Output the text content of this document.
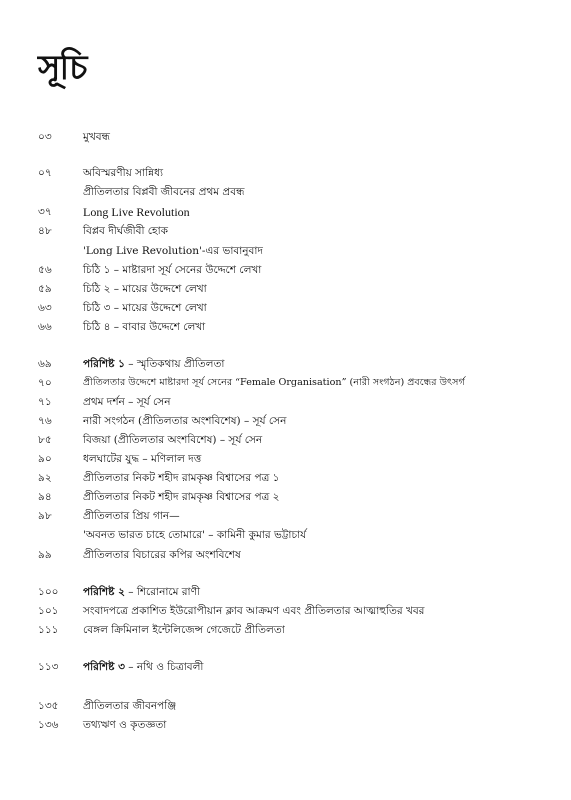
সূচি
০৩	মুখবন্ধ
০৭	অবিস্মরণীয় সান্নিধ্য
প্রীতিলতার বিপ্লবী জীবনের প্রথম প্রবন্ধ
৩৭	Long Live Revolution
৪৮	বিপ্লব দীর্ঘজীবী হোক
'Long Live Revolution'-এর ভাবানুবাদ
৫৬	চিঠি ১ – মাষ্টারদা সূর্য সেনের উদ্দেশে লেখা
৫৯	চিঠি ২ – মায়ের উদ্দেশে লেখা
৬৩	চিঠি ৩ – মায়ের উদ্দেশে লেখা
৬৬	চিঠি ৪ – বাবার উদ্দেশে লেখা
৬৯	পরিশিষ্ট ১ – স্মৃতিকথায় প্রীতিলতা
৭০	প্রীতিলতার উদ্দেশে মাষ্টারদা সূর্য সেনের “Female Organisation” (নারী সংগঠন) প্রবন্ধের উৎসর্গ
৭১	প্রথম দর্শন – সূর্য সেন
৭৬	নারী সংগঠন (প্রীতিলতার অংশবিশেষ) – সূর্য সেন
৮৫	বিজয়া (প্রীতিলতার অংশবিশেষ) – সূর্য সেন
৯০	ধলঘাটের যুদ্ধ – মণিলাল দত্ত
৯২	প্রীতিলতার নিকট শহীদ রামকৃষ্ণ বিশ্বাসের পত্র ১
৯৪	প্রীতিলতার নিকট শহীদ রামকৃষ্ণ বিশ্বাসের পত্র ২
৯৮	প্রীতিলতার প্রিয় গান—
'অবনত ভারত চাহে তোমারে' – কামিনী কুমার ভট্টাচার্য
৯৯	প্রীতিলতার বিচারের কপির অংশবিশেষ
১০০	পরিশিষ্ট ২ – শিরোনামে রাণী
১০১	সংবাদপত্রে প্রকাশিত ইউরোপীয়ান ক্লাব আক্রমণ এবং প্রীতিলতার আত্মাহুতির খবর
১১১	বেঙ্গল ক্রিমিনাল ইন্টেলিজেন্স গেজেটে প্রীতিলতা
১১৩	পরিশিষ্ট ৩ – নথি ও চিত্রাবলী
১৩৫	প্রীতিলতার জীবনপঞ্জি
১৩৬	তথ্যঋণ ও কৃতজ্ঞতা
